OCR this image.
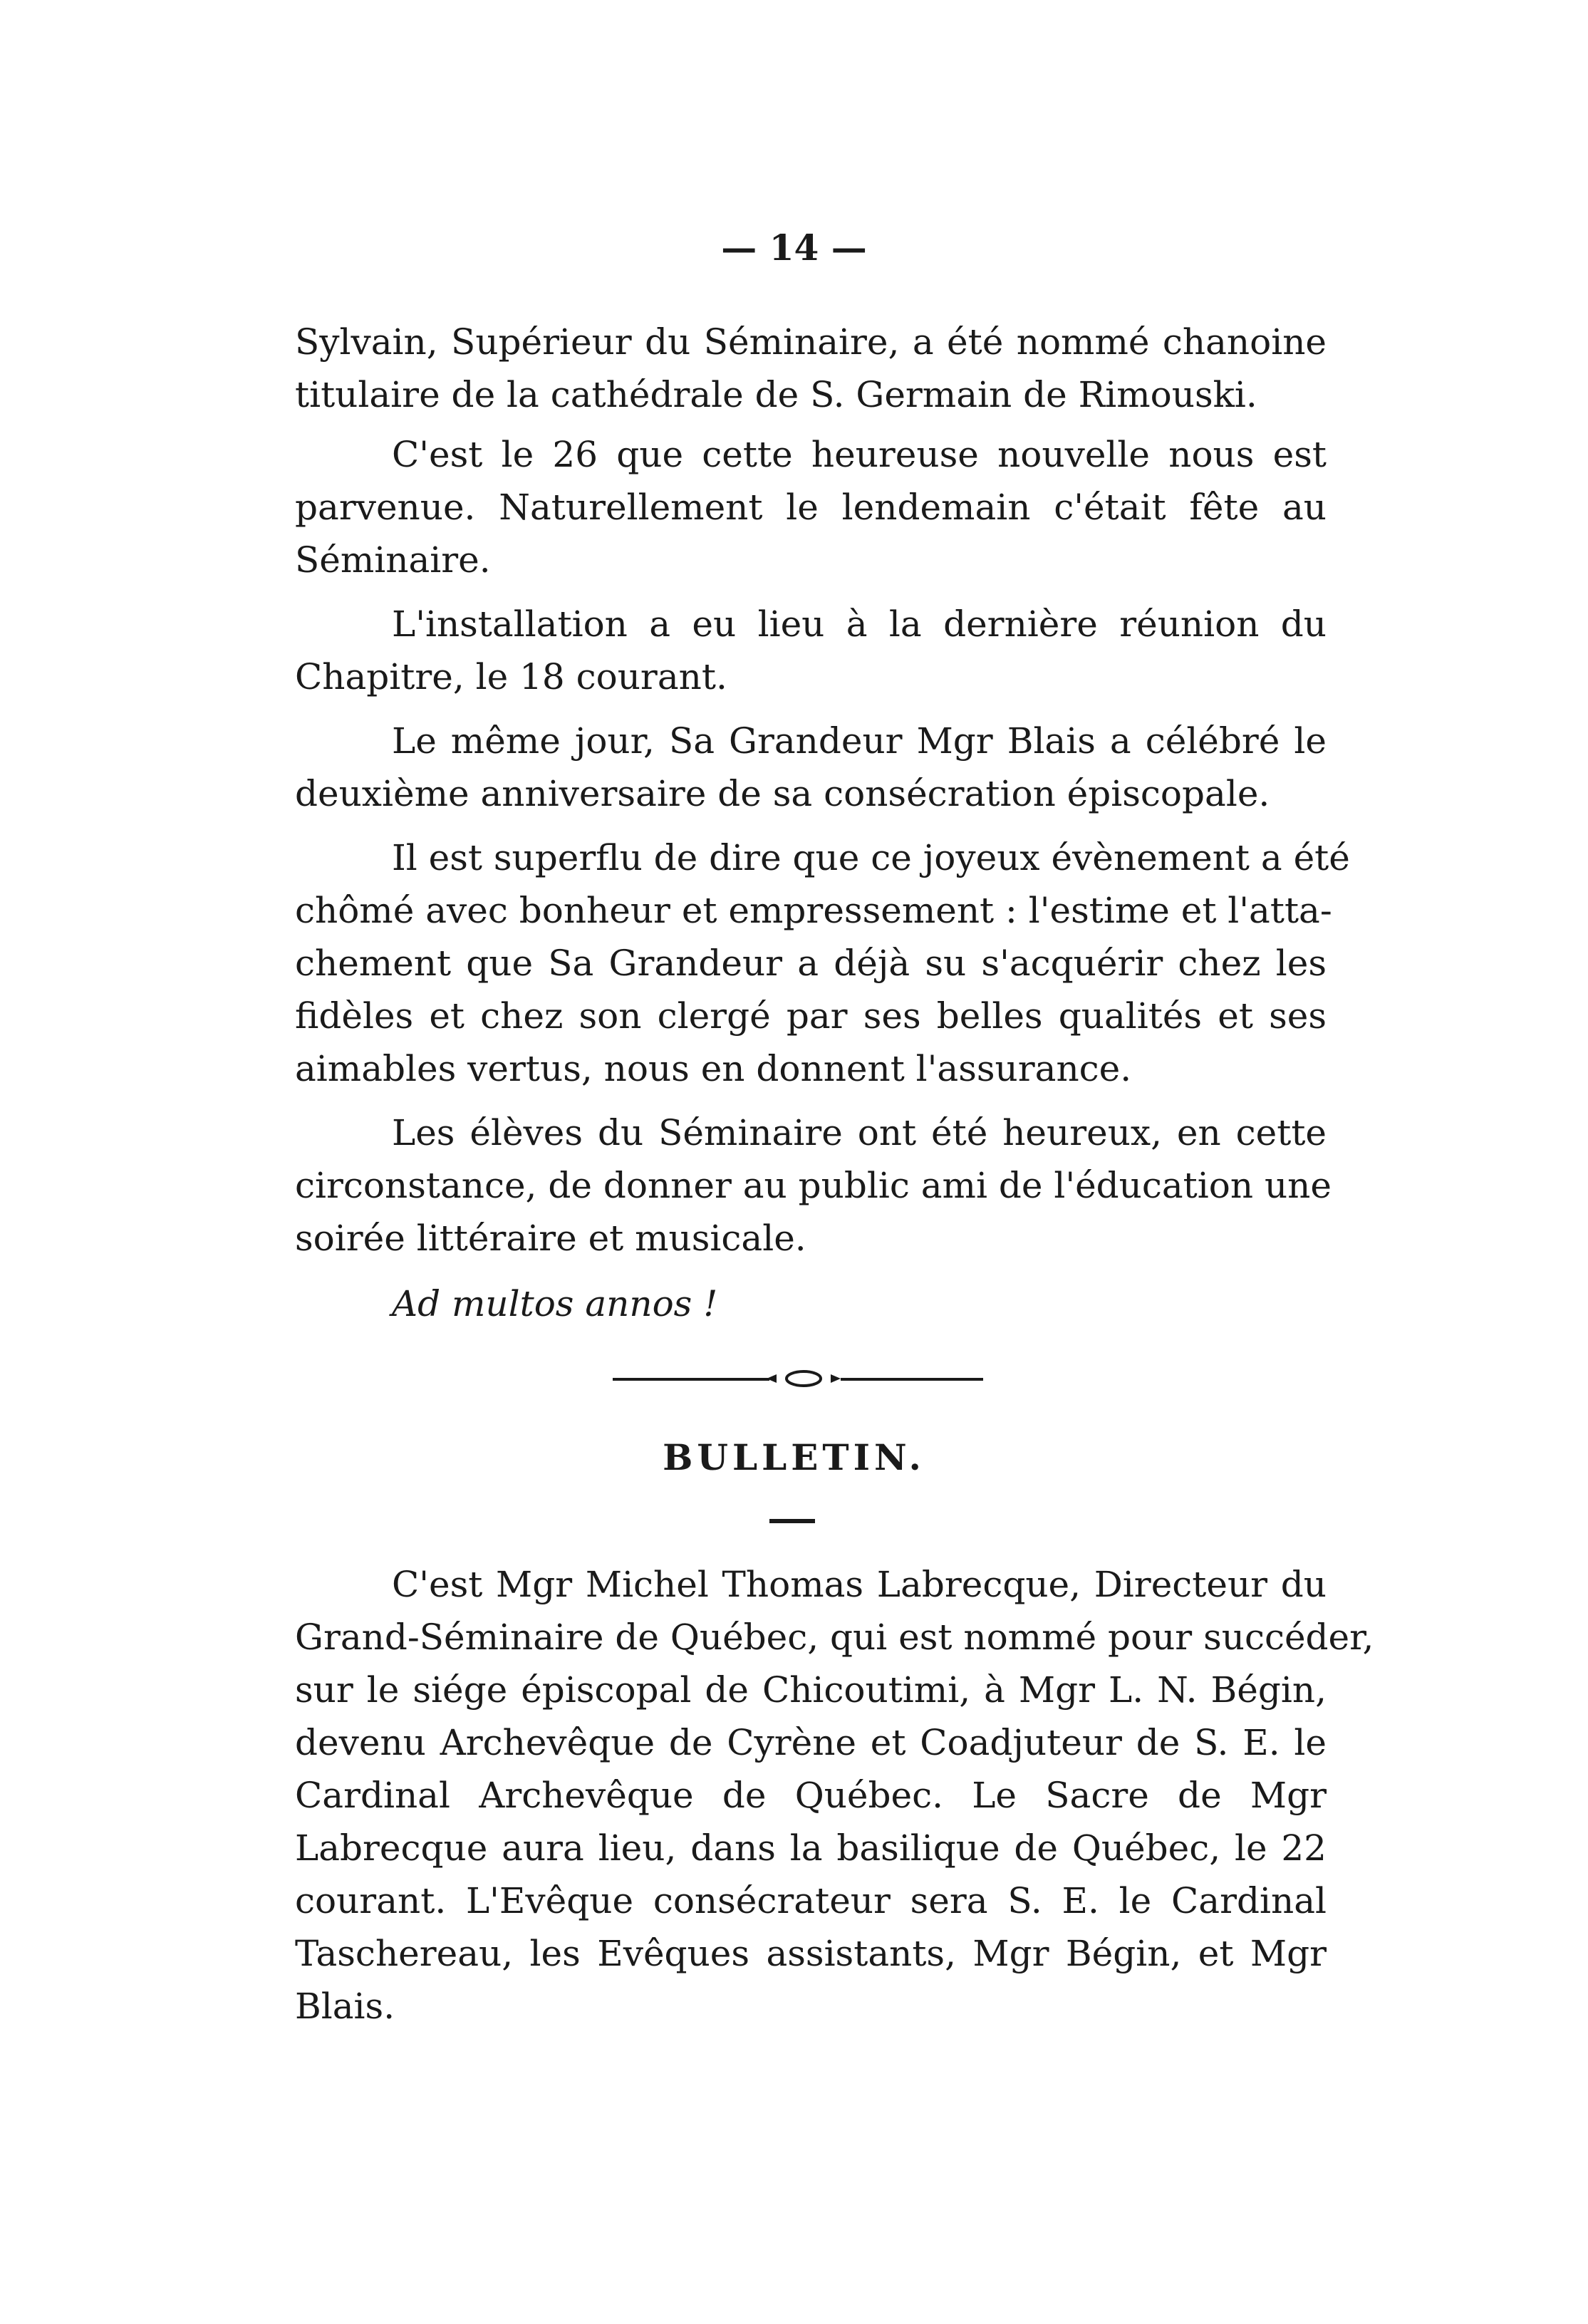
— 14 —
Sylvain, Supérieur du Séminaire, a été nommé chanoine
titulaire de la cathédrale de S. Germain de Rimouski.
C'est le 26 que cette heureuse nouvelle nous est
parvenue. Naturellement le lendemain c'était fête au
Séminaire.
L'installation a eu lieu à la dernière réunion du
Chapitre, le 18 courant.
Le même jour, Sa Grandeur Mgr Blais a célébré le
deuxième anniversaire de sa consécration épiscopale.
Il est superflu de dire que ce joyeux évènement a été
chômé avec bonheur et empressement : l'estime et l'atta-
chement que Sa Grandeur a déjà su s'acquérir chez les
fidèles et chez son clergé par ses belles qualités et ses
aimables vertus, nous en donnent l'assurance.
Les élèves du Séminaire ont été heureux, en cette
circonstance, de donner au public ami de l'éducation une
soirée littéraire et musicale.
Ad multos annos !
BULLETIN.
C'est Mgr Michel Thomas Labrecque, Directeur du
Grand-Séminaire de Québec, qui est nommé pour succéder,
sur le siége épiscopal de Chicoutimi, à Mgr L. N. Bégin,
devenu Archevêque de Cyrène et Coadjuteur de S. E. le
Cardinal Archevêque de Québec. Le Sacre de Mgr
Labrecque aura lieu, dans la basilique de Québec, le 22
courant. L'Evêque consécrateur sera S. E. le Cardinal
Taschereau, les Evêques assistants, Mgr Bégin, et Mgr
Blais.
